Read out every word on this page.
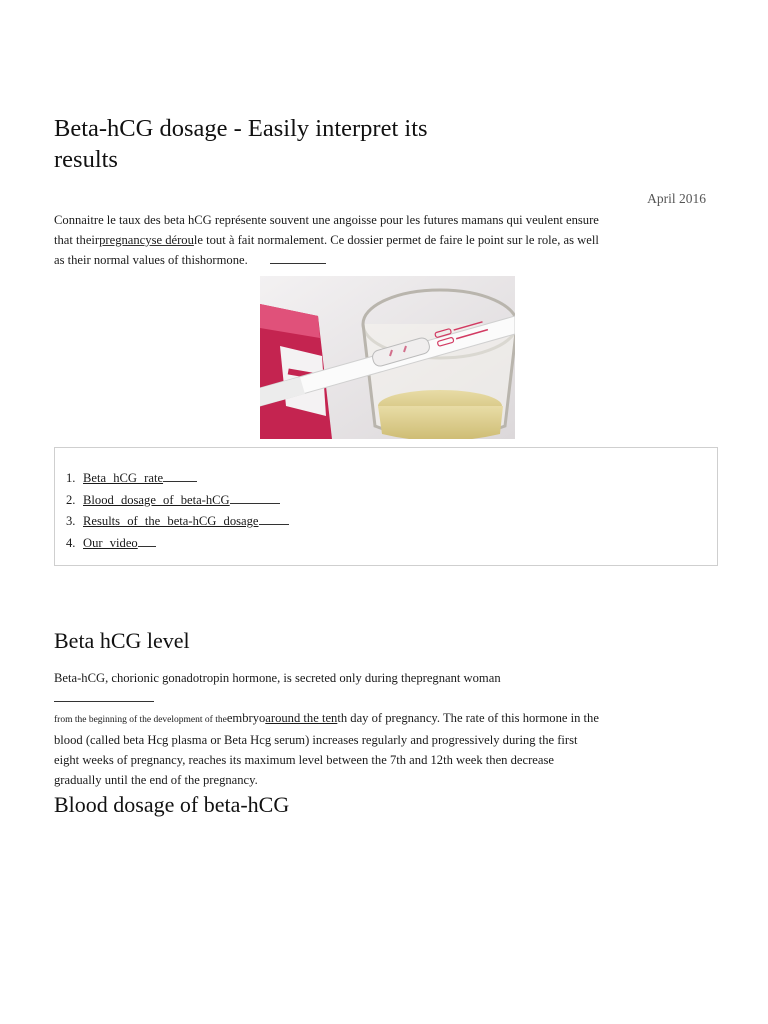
Beta-hCG dosage - Easily interpret its results
April 2016

Connaitre le taux des beta hCG représente souvent une angoisse pour les futures mamans qui veulent ensure that theirpregnancyse déroule tout à fait normalement. Ce dossier permet de faire le point sur le role, as well as their normal values of thishormone.

1. Beta hCG rate
2. Blood dosage of beta-hCG
3. Results of the beta-hCG dosage
4. Our video
Beta hCG level

Beta-hCG, chorionic gonadotropin hormone, is secreted only during thepregnant woman
from the beginning of the development of theembryoaround the tenth day of pregnancy. The rate of this hormone in the blood (called beta Hcg plasma or Beta Hcg serum) increases regularly and progressively during the first eight weeks of pregnancy, reaches its maximum level between the 7th and 12th week then decrease gradually until the end of the pregnancy.

Blood dosage of beta-hCG
